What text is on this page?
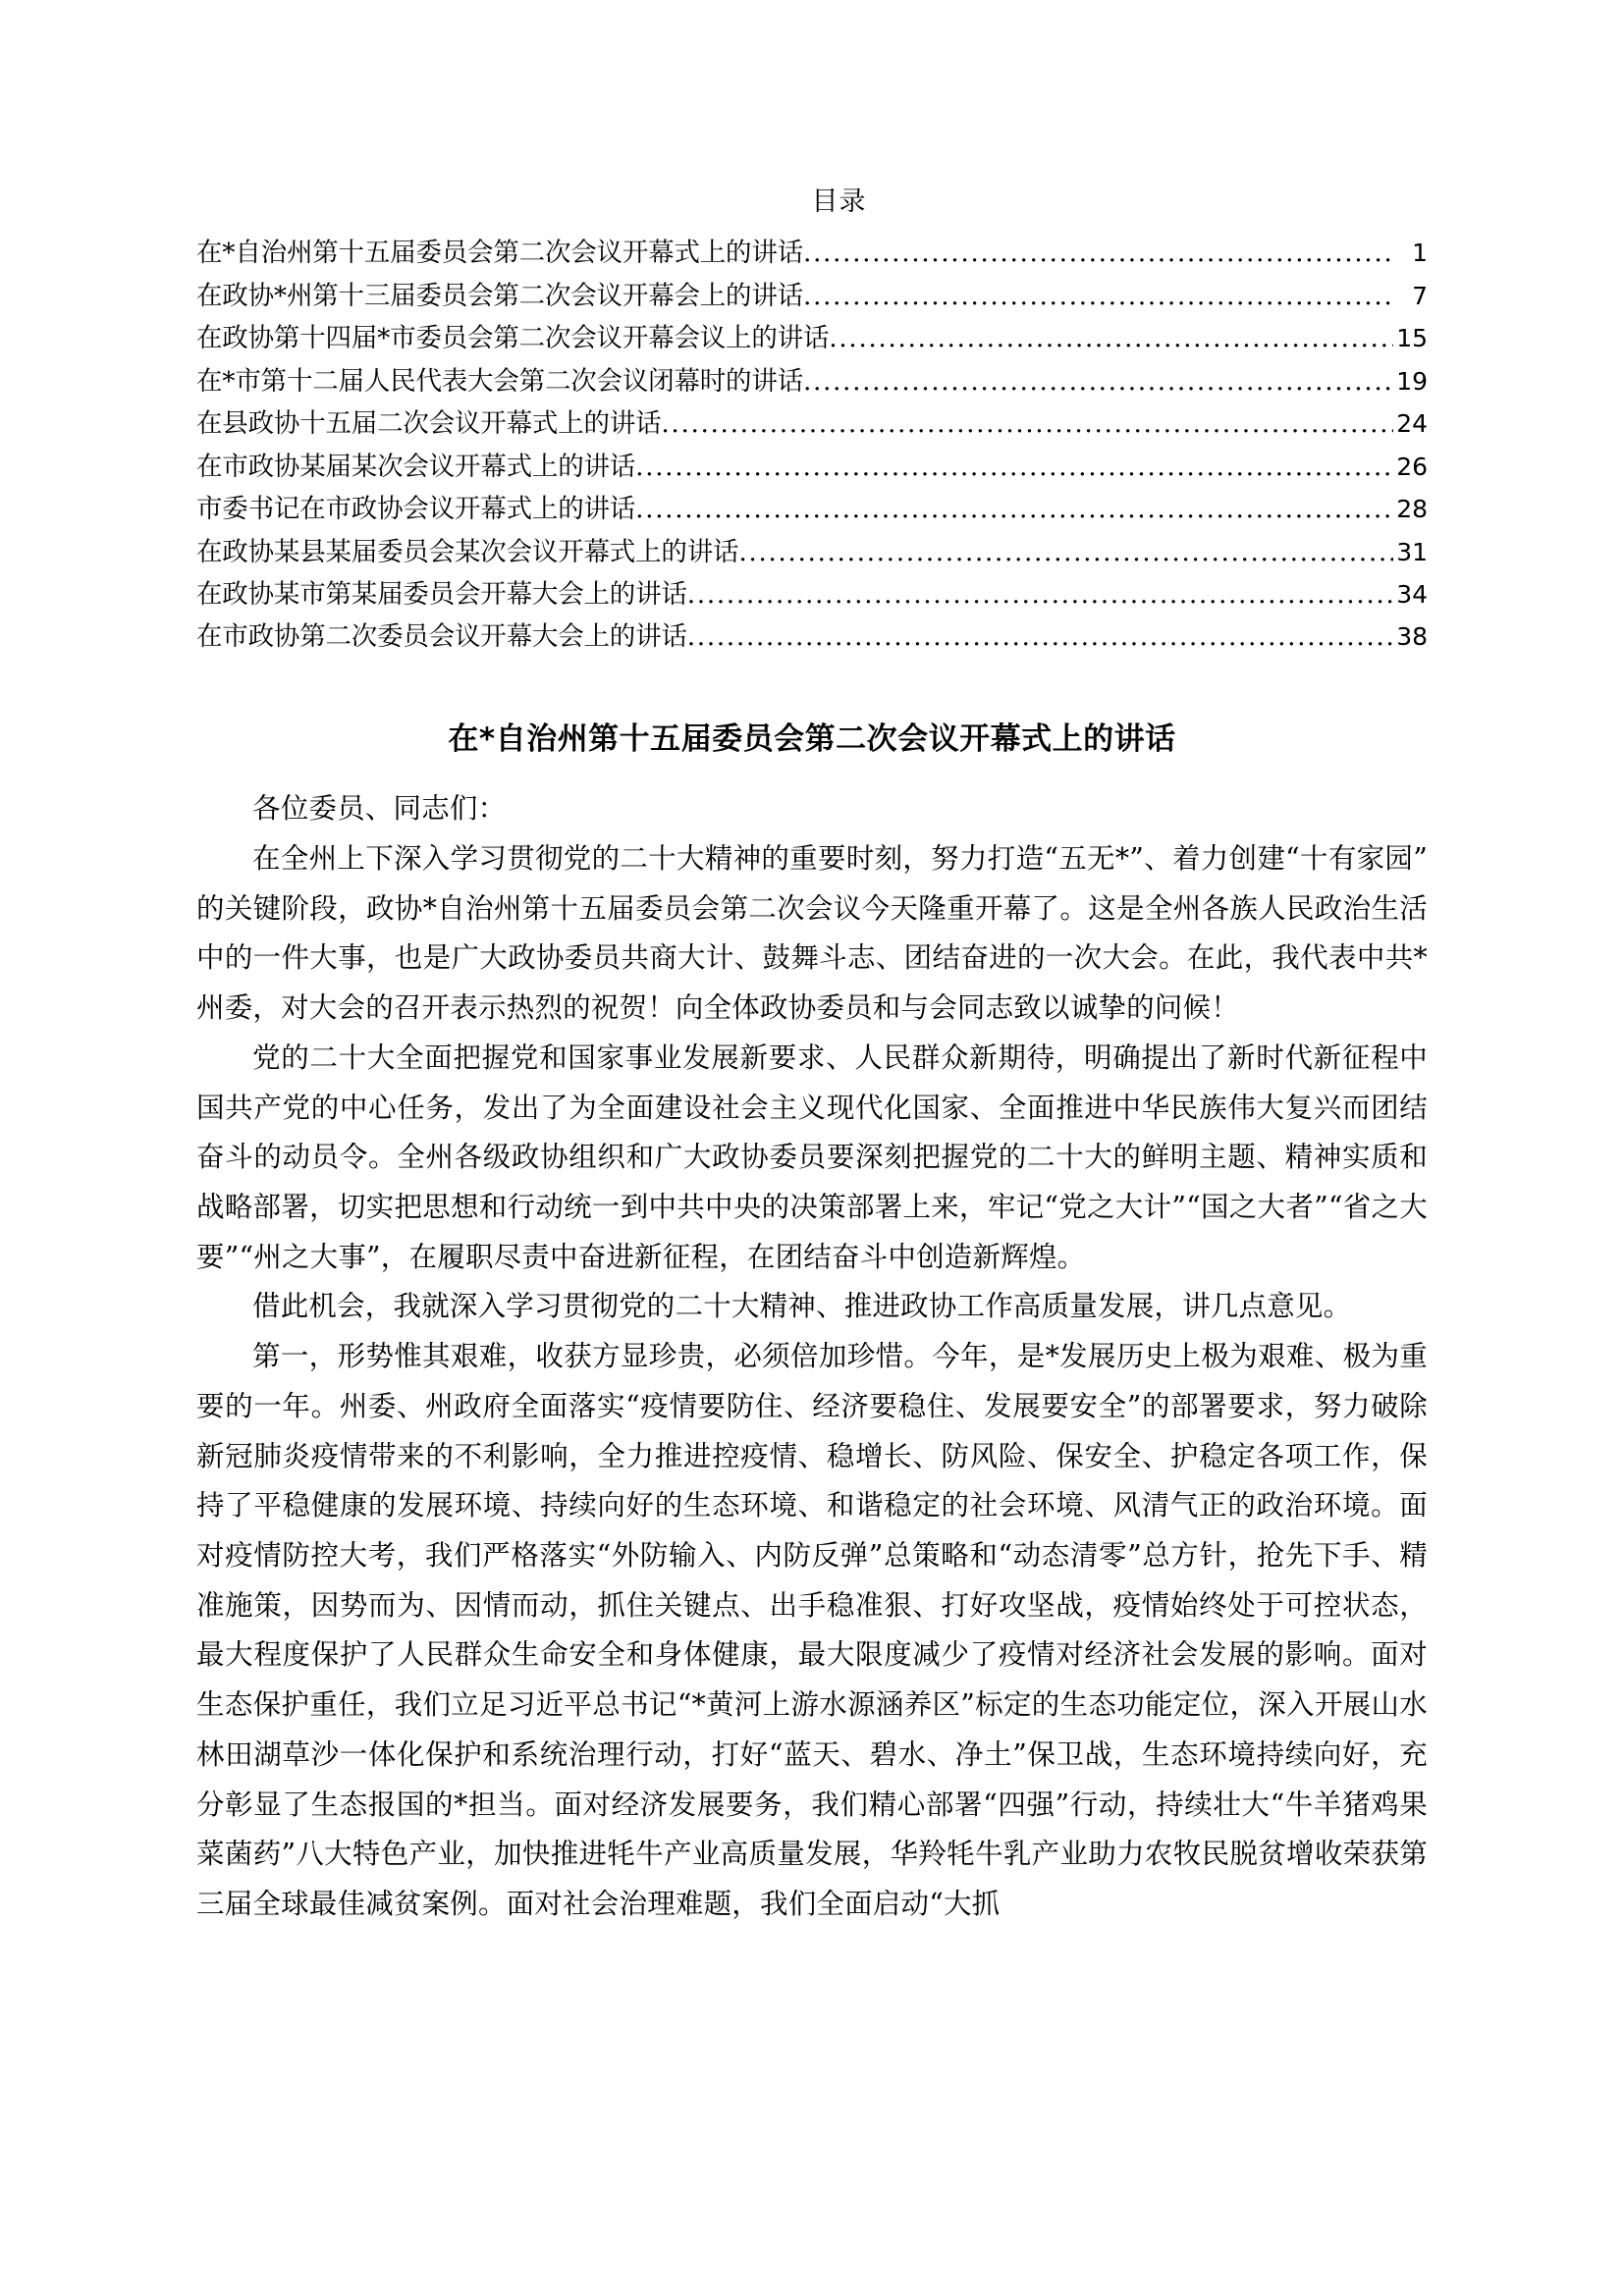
目录
在*自治州第十五届委员会第二次会议开幕式上的讲话 .....	1
在政协*州第十三届委员会第二次会议开幕会上的讲话 .....	7
在政协第十四届*市委员会第二次会议开幕会议上的讲话 .....	15
在*市第十二届人民代表大会第二次会议闭幕时的讲话 .....	19
在县政协十五届二次会议开幕式上的讲话 .....	24
在市政协某届某次会议开幕式上的讲话 .....	26
市委书记在市政协会议开幕式上的讲话 .....	28
在政协某县某届委员会某次会议开幕式上的讲话 .....	31
在政协某市第某届委员会开幕大会上的讲话 .....	34
在市政协第二次委员会议开幕大会上的讲话 .....	38
在*自治州第十五届委员会第二次会议开幕式上的讲话

各位委员、同志们：

在全州上下深入学习贯彻党的二十大精神的重要时刻，努力打造“五无*”、着力创建“十有家园”的关键阶段，政协*自治州第十五届委员会第二次会议今天隆重开幕了。这是全州各族人民政治生活中的一件大事，也是广大政协委员共商大计、鼓舞斗志、团结奋进的一次大会。在此，我代表中共*州委，对大会的召开表示热烈的祝贺！向全体政协委员和与会同志致以诚挚的问候！

党的二十大全面把握党和国家事业发展新要求、人民群众新期待，明确提出了新时代新征程中国共产党的中心任务，发出了为全面建设社会主义现代化国家、全面推进中华民族伟大复兴而团结奋斗的动员令。全州各级政协组织和广大政协委员要深刻把握党的二十大的鲜明主题、精神实质和战略部署，切实把思想和行动统一到中共中央的决策部署上来，牢记“党之大计”“国之大者”“省之大要”“州之大事”，在履职尽责中奋进新征程，在团结奋斗中创造新辉煌。

借此机会，我就深入学习贯彻党的二十大精神、推进政协工作高质量发展，讲几点意见。

第一，形势惟其艰难，收获方显珍贵，必须倍加珍惜。今年，是*发展历史上极为艰难、极为重要的一年。州委、州政府全面落实“疫情要防住、经济要稳住、发展要安全”的部署要求，努力破除新冠肺炎疫情带来的不利影响，全力推进控疫情、稳增长、防风险、保安全、护稳定各项工作，保持了平稳健康的发展环境、持续向好的生态环境、和谐稳定的社会环境、风清气正的政治环境。面对疫情防控大考，我们严格落实“外防输入、内防反弹”总策略和“动态清零”总方针，抢先下手、精准施策，因势而为、因情而动，抓住关键点、出手稳准狠、打好攻坚战，疫情始终处于可控状态，最大程度保护了人民群众生命安全和身体健康，最大限度减少了疫情对经济社会发展的影响。面对生态保护重任，我们立足习近平总书记“*黄河上游水源涵养区”标定的生态功能定位，深入开展山水林田湖草沙一体化保护和系统治理行动，打好“蓝天、碧水、净土”保卫战，生态环境持续向好，充分彰显了生态报国的*担当。面对经济发展要务，我们精心部署“四强”行动，持续壮大“牛羊猪鸡果菜菌药”八大特色产业，加快推进牦牛产业高质量发展，华羚牦牛乳产业助力农牧民脱贫增收荣获第三届全球最佳减贫案例。面对社会治理难题，我们全面启动“大抓
